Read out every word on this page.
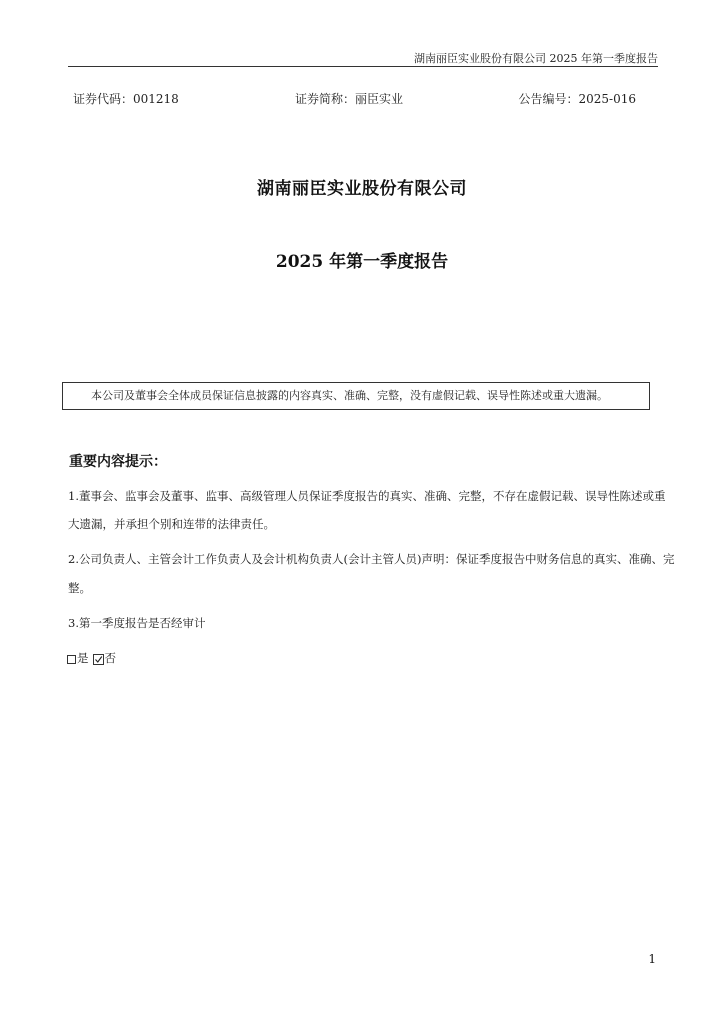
湖南丽臣实业股份有限公司 2025 年第一季度报告
证券代码：001218	证券简称：丽臣实业	公告编号：2025-016
湖南丽臣实业股份有限公司
2025 年第一季度报告
本公司及董事会全体成员保证信息披露的内容真实、准确、完整，没有虚假记载、误导性陈述或重大遗漏。
重要内容提示：
1.董事会、监事会及董事、监事、高级管理人员保证季度报告的真实、准确、完整，不存在虚假记载、误导性陈述或重
大遗漏，并承担个别和连带的法律责任。
2.公司负责人、主管会计工作负责人及会计机构负责人(会计主管人员)声明：保证季度报告中财务信息的真实、准确、完
整。
3.第一季度报告是否经审计
是 否
1
